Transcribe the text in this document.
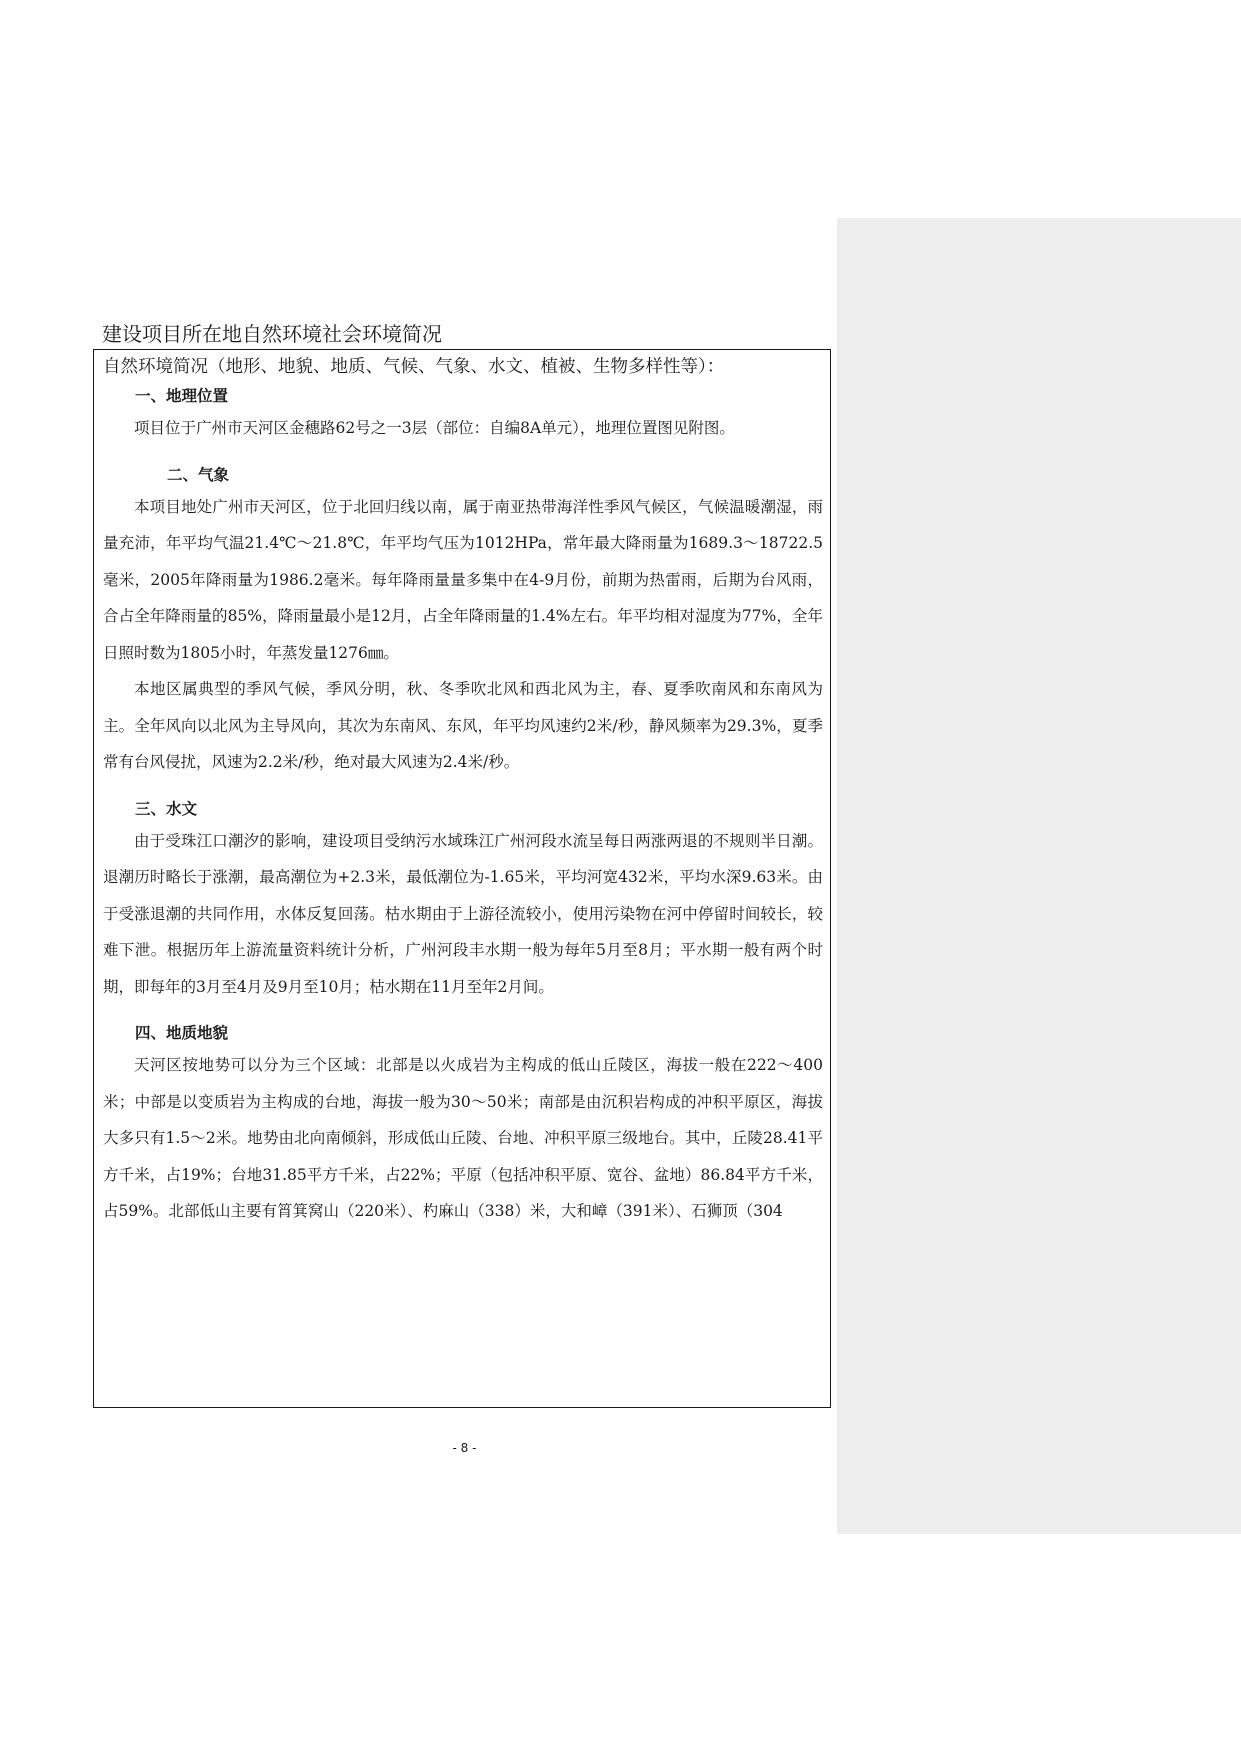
建设项目所在地自然环境社会环境简况

自然环境简况（地形、地貌、地质、气候、气象、水文、植被、生物多样性等）：

一、地理位置

项目位于广州市天河区金穗路62号之一3层（部位：自编8A单元），地理位置图见附图。

二、气象

本项目地处广州市天河区，位于北回归线以南，属于南亚热带海洋性季风气候区，气候温暖潮湿，雨量充沛，年平均气温21.4℃～21.8℃，年平均气压为1012HPa，常年最大降雨量为1689.3～18722.5毫米，2005年降雨量为1986.2毫米。每年降雨量量多集中在4-9月份，前期为热雷雨，后期为台风雨，合占全年降雨量的85%，降雨量最小是12月，占全年降雨量的1.4%左右。年平均相对湿度为77%，全年日照时数为1805小时，年蒸发量1276㎜。

本地区属典型的季风气候，季风分明，秋、冬季吹北风和西北风为主，春、夏季吹南风和东南风为主。全年风向以北风为主导风向，其次为东南风、东风，年平均风速约2米/秒，静风频率为29.3%，夏季常有台风侵扰，风速为2.2米/秒，绝对最大风速为2.4米/秒。

三、水文

由于受珠江口潮汐的影响，建设项目受纳污水域珠江广州河段水流呈每日两涨两退的不规则半日潮。退潮历时略长于涨潮，最高潮位为+2.3米，最低潮位为-1.65米，平均河宽432米，平均水深9.63米。由于受涨退潮的共同作用，水体反复回荡。枯水期由于上游径流较小，使用污染物在河中停留时间较长，较难下泄。根据历年上游流量资料统计分析，广州河段丰水期一般为每年5月至8月；平水期一般有两个时期，即每年的3月至4月及9月至10月；枯水期在11月至年2月间。

四、地质地貌

天河区按地势可以分为三个区域：北部是以火成岩为主构成的低山丘陵区，海拔一般在222～400米；中部是以变质岩为主构成的台地，海拔一般为30～50米；南部是由沉积岩构成的冲积平原区，海拔大多只有1.5～2米。地势由北向南倾斜，形成低山丘陵、台地、冲积平原三级地台。其中，丘陵28.41平方千米，占19%；台地31.85平方千米，占22%；平原（包括冲积平原、宽谷、盆地）86.84平方千米，占59%。北部低山主要有筲箕窝山（220米）、杓麻山（338）米，大和嶂（391米）、石狮顶（304

- 8 -
